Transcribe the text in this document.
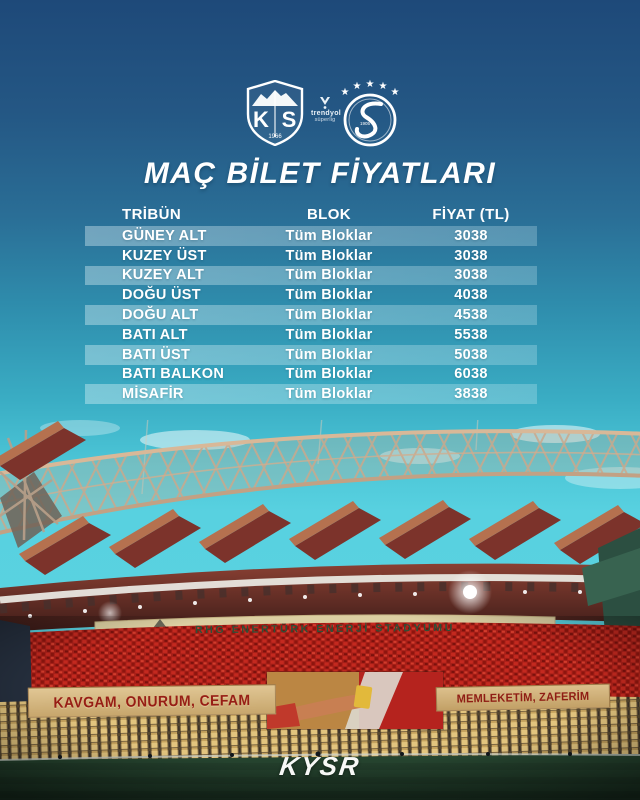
RHG ENERTÜRK ENERJİ STADYUMU
KAVGAM, ONURUM, CEFAM	MEMLEKETİM, ZAFERİM
KYSR
K S
1966
trendyol
süperlig
★
★ ★ ★
★
1905
MAÇ BİLET FİYATLARI
TRİBÜN	BLOK	FİYAT (TL)
GÜNEY ALT	Tüm Bloklar	3038
KUZEY ÜST	Tüm Bloklar	3038
KUZEY ALT	Tüm Bloklar	3038
DOĞU ÜST	Tüm Bloklar	4038
DOĞU ALT	Tüm Bloklar	4538
BATI ALT	Tüm Bloklar	5538
BATI ÜST	Tüm Bloklar	5038
BATI BALKON	Tüm Bloklar	6038
MİSAFİR	Tüm Bloklar	3838
